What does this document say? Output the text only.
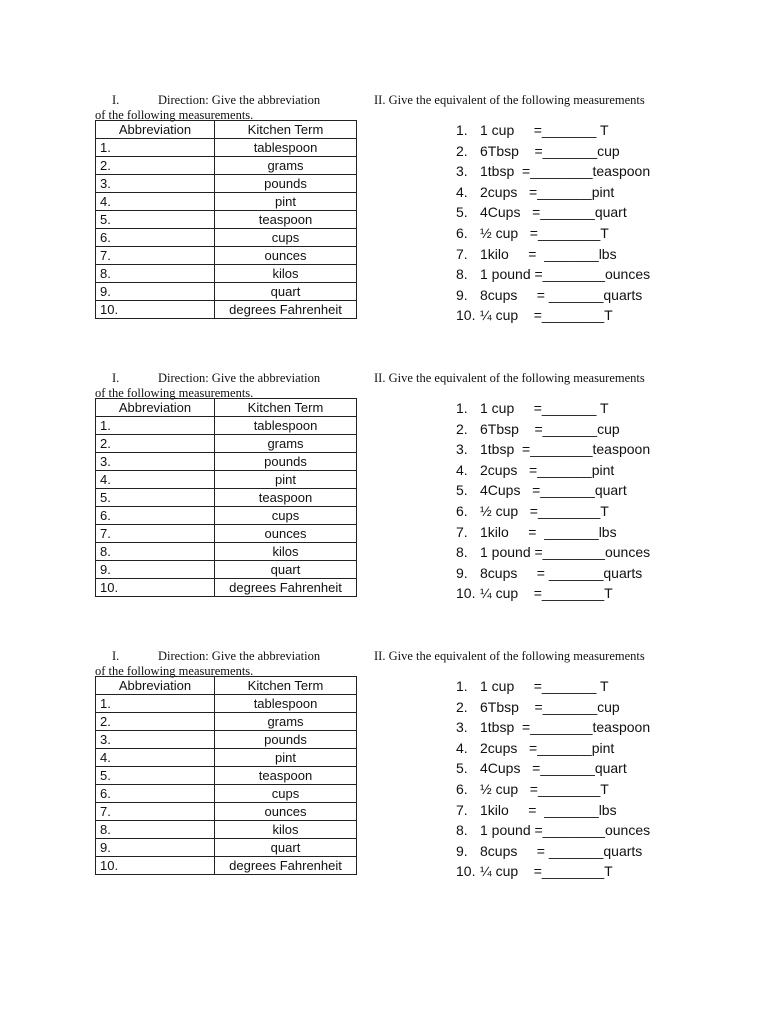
I.	Direction: Give the abbreviation
of the following measurements.
II. Give the equivalent of the following measurements
Abbreviation	Kitchen Term
1.	tablespoon
2.	grams
3.	pounds
4.	pint
5.	teaspoon
6.	cups
7.	ounces
8.	kilos
9.	quart
10.	degrees Fahrenheit
1. 1 cup     =_______ T
2. 6Tbsp    =_______cup
3. 1tbsp  =________teaspoon
4. 2cups   =_______pint
5. 4Cups   =_______quart
6. ½ cup   =________T
7. 1kilo     =  _______lbs
8. 1 pound =________ounces
9. 8cups     = _______quarts
10. ¼ cup    =________T
I.	Direction: Give the abbreviation
of the following measurements.
II. Give the equivalent of the following measurements
Abbreviation	Kitchen Term
1.	tablespoon
2.	grams
3.	pounds
4.	pint
5.	teaspoon
6.	cups
7.	ounces
8.	kilos
9.	quart
10.	degrees Fahrenheit
1. 1 cup     =_______ T
2. 6Tbsp    =_______cup
3. 1tbsp  =________teaspoon
4. 2cups   =_______pint
5. 4Cups   =_______quart
6. ½ cup   =________T
7. 1kilo     =  _______lbs
8. 1 pound =________ounces
9. 8cups     = _______quarts
10. ¼ cup    =________T
I.	Direction: Give the abbreviation
of the following measurements.
II. Give the equivalent of the following measurements
Abbreviation	Kitchen Term
1.	tablespoon
2.	grams
3.	pounds
4.	pint
5.	teaspoon
6.	cups
7.	ounces
8.	kilos
9.	quart
10.	degrees Fahrenheit
1. 1 cup     =_______ T
2. 6Tbsp    =_______cup
3. 1tbsp  =________teaspoon
4. 2cups   =_______pint
5. 4Cups   =_______quart
6. ½ cup   =________T
7. 1kilo     =  _______lbs
8. 1 pound =________ounces
9. 8cups     = _______quarts
10. ¼ cup    =________T
